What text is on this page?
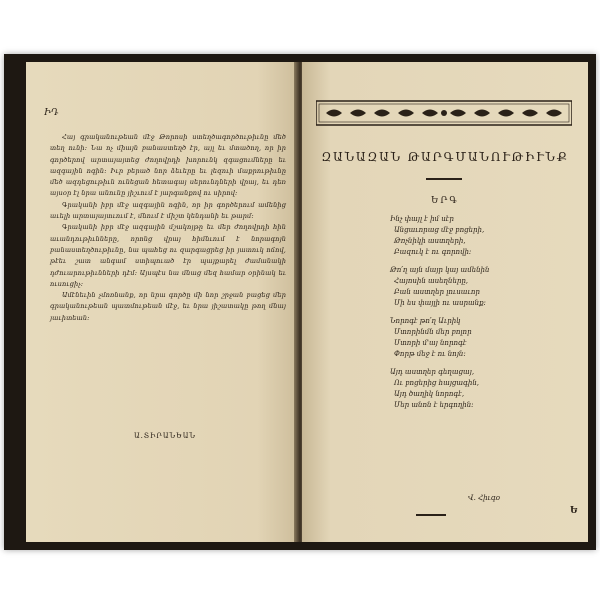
ԻԴ

Հայ գրականութեան մէջ Թորոսի ստեղծագործութիւնը մեծ տեղ ունի։ Նա ոչ միայն բանաստեղծ էր, այլ եւ մտածող, որ իր գործերով արտայայտեց ժողովրդի խորունկ զգացումները եւ ազգային ոգին։ Իւր բերած նոր ձեւերը եւ լեզուի մաքրութիւնը մեծ ազդեցութիւն ունեցան հետագայ սերունդների վրայ, եւ դեռ այսօր էլ նրա անունը յիշւում է յարգանքով ու սիրով։

Գրականի իբր մէջ ազգային ոգին, որ իր գործերում ամենից աւելի արտայայտւում է, մնում է միշտ կենդանի եւ թարմ։

Գրականի իբր մէջ ազգային մշակոյթը եւ մեր ժողովրդի հին աւանդութիւնները, որոնց վրայ հիմնւում է նորագոյն բանաստեղծութիւնը, նա պահեց ու զարգացրեց իր յատուկ ոճով, թէեւ շատ անգամ ստիպուած էր պայքարել ժամանակի դժուարութիւնների դէմ։ Այսպէս նա մնաց մեզ համար օրինակ եւ ուսուցիչ։

Ամէնեւին չմոռնանք, որ նրա գործը մի նոր շրջան բացեց մեր գրականութեան պատմութեան մէջ, եւ նրա յիշատակը թող մնայ յաւիտեան։

Ա.ՏԻՐԱՆԵԱՆ
ԶԱՆԱԶԱՆ ԹԱՐԳՄԱՆՈՒԹԻՒՆՔ
ԵՐԳ
Ինչ փայլ է իմ սէր
Անցաւորաց մէջ բոցերի,
Թռչնիկի աստղերի,
Բազուկ է ու գորովի:
Թո՛ղ այն մայր կայ ամենին
Հայոսին ասեղները,
Բան աստղեր լուսաւոր
Մի ես փայլի ու ասրանք:
Նորոգէ թո՛ղ Աւրիկ
Մտորինմն մեր բոլոր
Մտորի մ'այ նորոգէ
Փորթ մեջ է ու նոյն:
Այդ աստղեր գեղացայ,
Ու բոցերից հայցագին,
Այդ ծաղիկ նորոգէ,
Մեր անոն է երգողին:
Վ. Հիւգօ
Ե
